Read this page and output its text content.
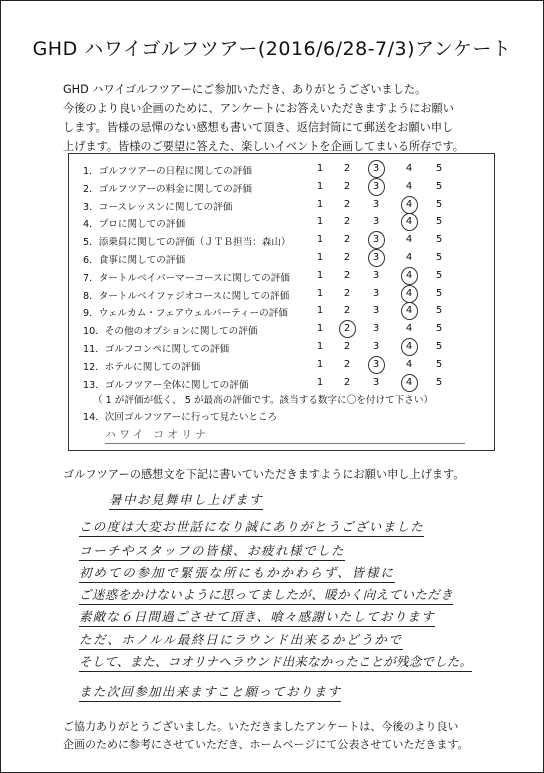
GHD ハワイゴルフツアー(2016/6/28-7/3)アンケート
GHD ハワイゴルフツアーにご参加いただき、ありがとうございました。
今後のより良い企画のために、アンケートにお答えいただきますようにお願い
します。皆様の忌憚のない感想も書いて頂き、返信封筒にて郵送をお願い申し
上げます。皆様のご要望に答えた、楽しいイベントを企画してまいる所存です。
（ 1 が評価が低く、 5 が最高の評価です。該当する数字に〇を付けて下さい）
14．次回ゴルフツアーに行って見たいところ
ハワイ コオリナ
1．ゴルフツアーの日程に関しての評価	1 2 3	4 5
2．ゴルフツアーの料金に関しての評価	1 2 3	4 5
3．コースレッスンに関しての評価	1 2 3	4 5
4．プロに関しての評価	1 2 3	4 5
5．添乗員に関しての評価（ＪＴＢ担当：森山）	1 2 3	4 5
6．食事に関しての評価	1 2 3	4 5
7．タートルベイパーマーコースに関しての評価	1 2 3	4 5
8．タートルベイファジオコースに関しての評価	1 2 3	4 5
9．ウェルカム・フェアウェルパーティーの評価	1 2 3	4 5
10．その他のオプションに関しての評価	1 2 3	4 5
11．ゴルフコンペに関しての評価	1 2 3	4 5
12．ホテルに関しての評価	1 2 3	4 5
13．ゴルフツアー全体に関しての評価	1 2 3	4 5
ゴルフツアーの感想文を下記に書いていただきますようにお願い申し上げます。
暑中お見舞申し上げます
この度は大変お世話になり誠にありがとうございました
コーチやスタッフの皆様、お疲れ様でした
初めての参加で緊張な所にもかかわらず、皆様に
ご迷惑をかけないように思ってましたが、暖かく向えていただき
素敵な６日間過ごさせて頂き、喰々感謝いたしております
ただ、ホノルル最終日にラウンド出来るかどうかで
そして、また、コオリナへラウンド出来なかったことが残念でした。
また次回参加出来ますこと願っております
ご協力ありがとうございました。いただきましたアンケートは、今後のより良い
企画のために参考にさせていただき、ホームページにて公表させていただきます。
